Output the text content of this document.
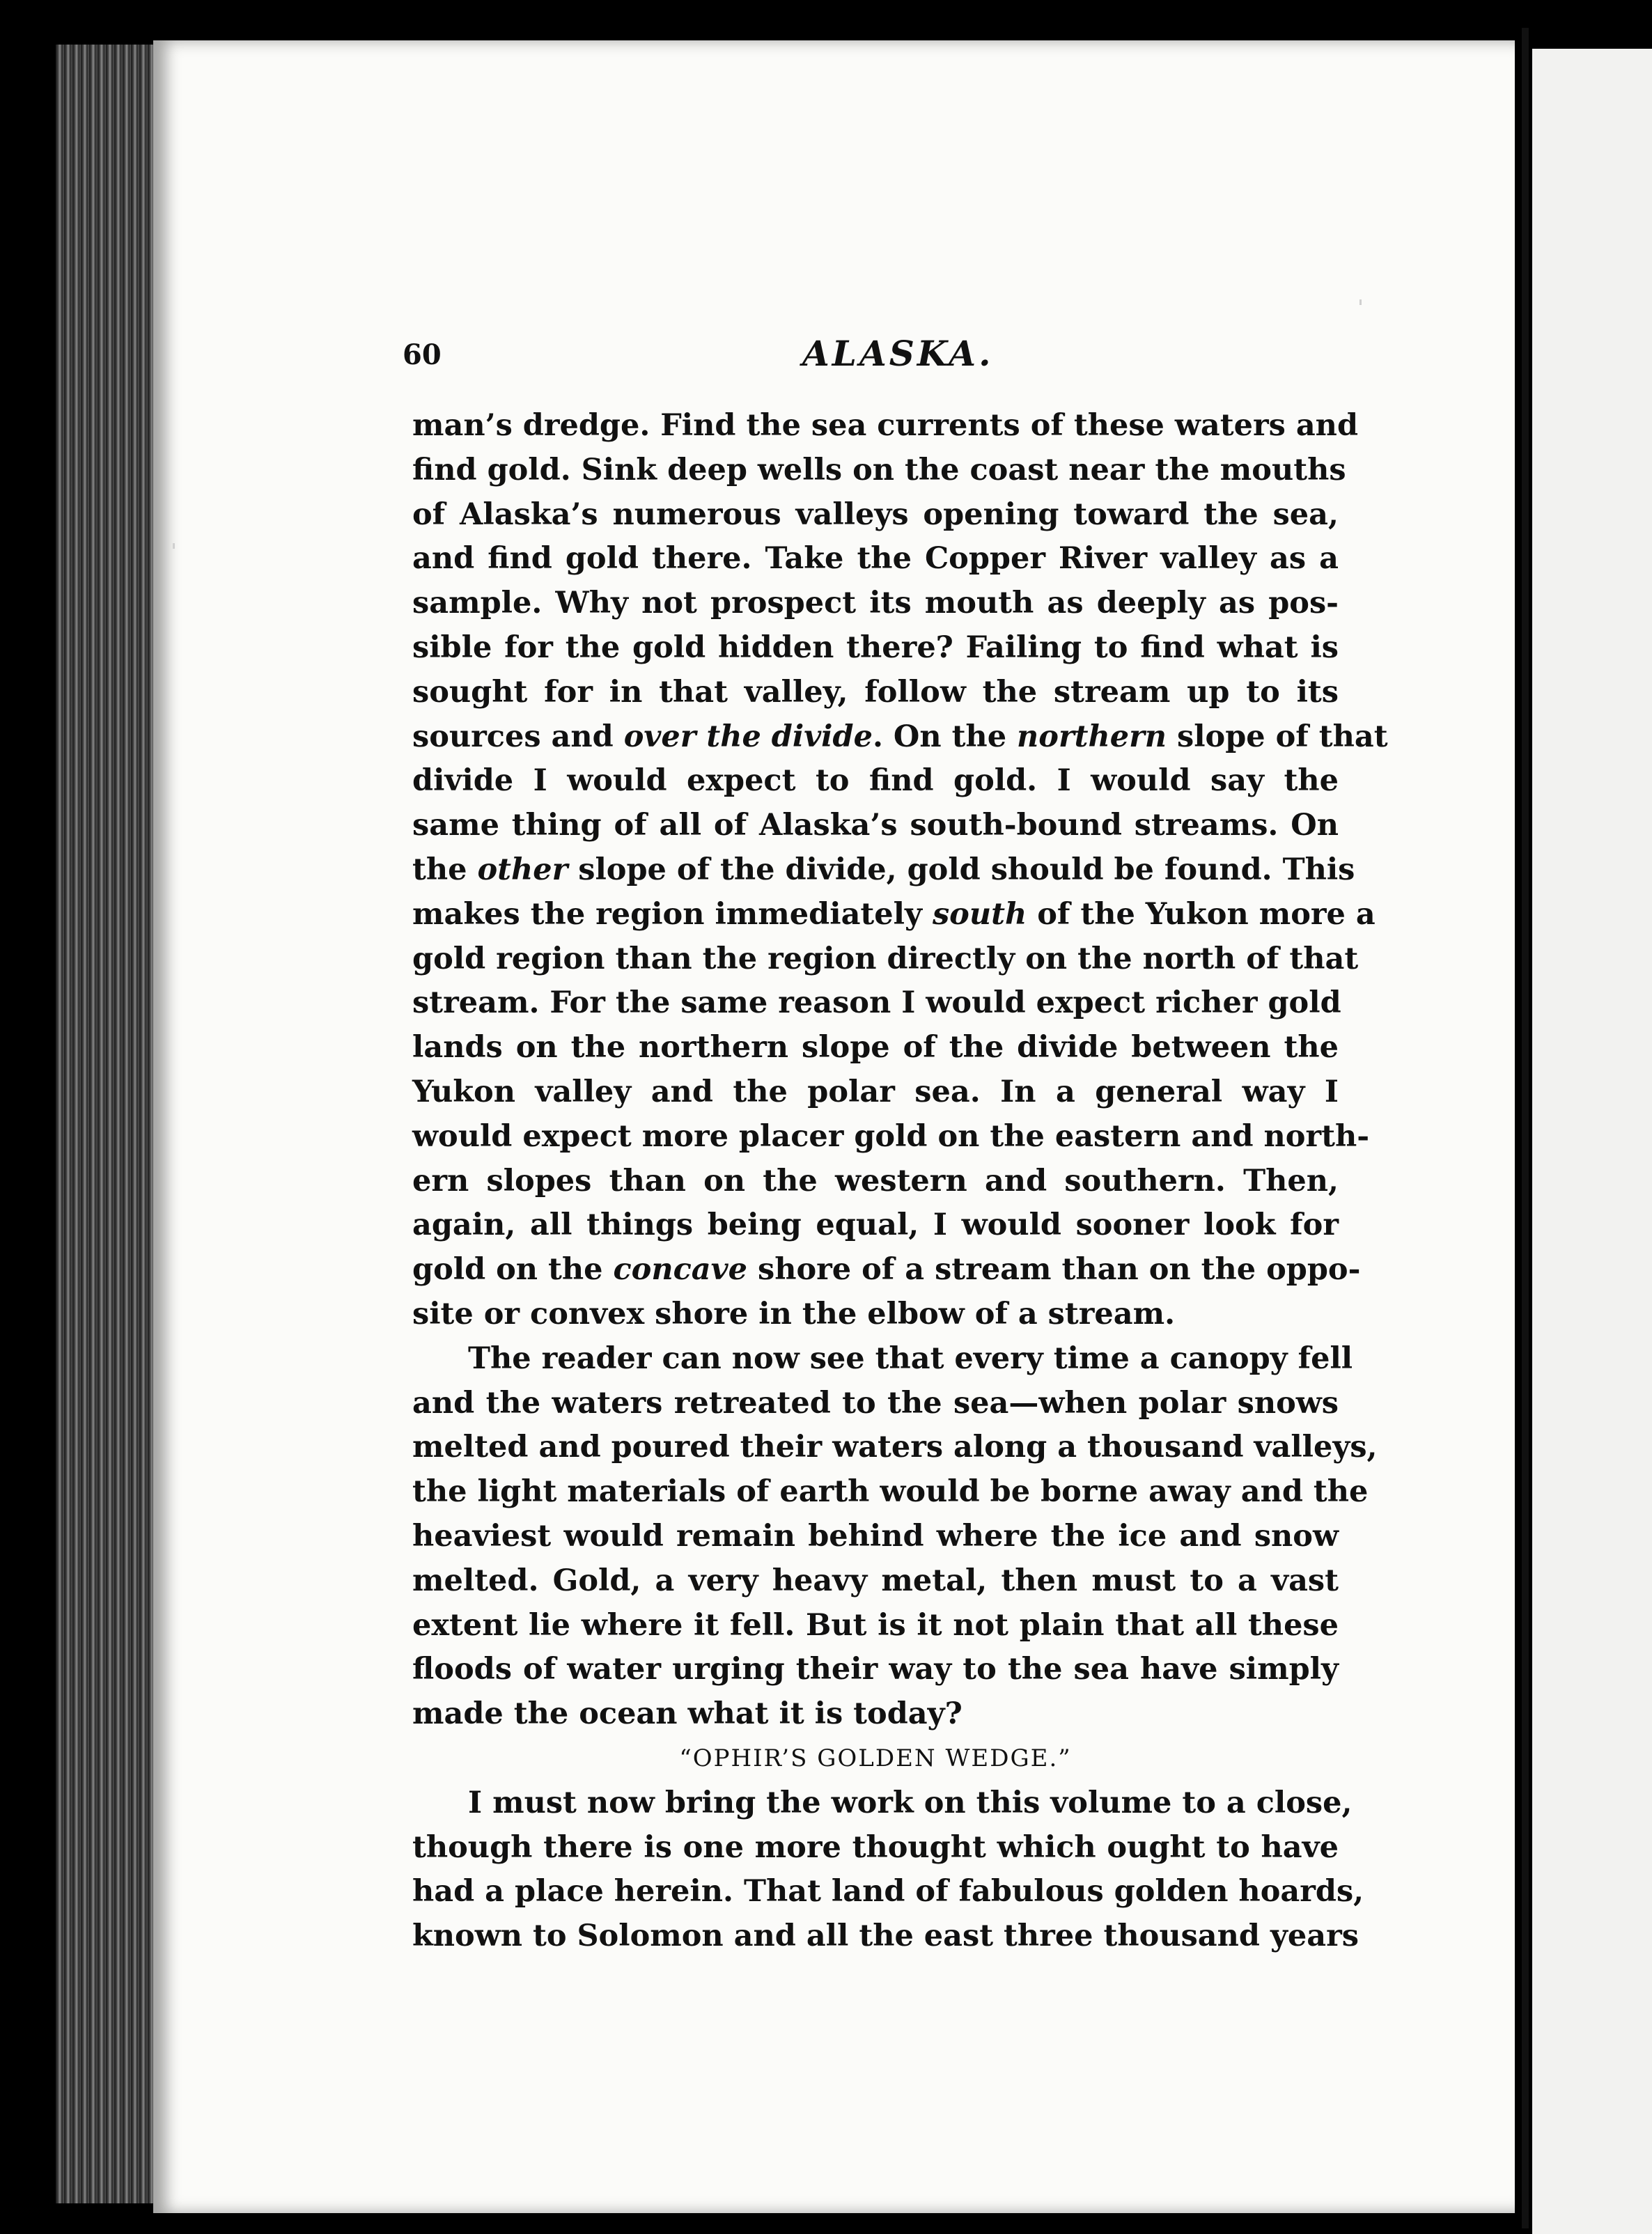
60	ALASKA.
man’s dredge. Find the sea currents of these waters and
find gold. Sink deep wells on the coast near the mouths
of Alaska’s numerous valleys opening toward the sea,
and find gold there. Take the Copper River valley as a
sample. Why not prospect its mouth as deeply as pos-
sible for the gold hidden there? Failing to find what is
sought for in that valley, follow the stream up to its
sources and over the divide. On the northern slope of that
divide I would expect to find gold. I would say the
same thing of all of Alaska’s south-bound streams. On
the other slope of the divide, gold should be found. This
makes the region immediately south of the Yukon more a
gold region than the region directly on the north of that
stream. For the same reason I would expect richer gold
lands on the northern slope of the divide between the
Yukon valley and the polar sea. In a general way I
would expect more placer gold on the eastern and north-
ern slopes than on the western and southern. Then,
again, all things being equal, I would sooner look for
gold on the concave shore of a stream than on the oppo-
site or convex shore in the elbow of a stream.
The reader can now see that every time a canopy fell
and the waters retreated to the sea—when polar snows
melted and poured their waters along a thousand valleys,
the light materials of earth would be borne away and the
heaviest would remain behind where the ice and snow
melted. Gold, a very heavy metal, then must to a vast
extent lie where it fell. But is it not plain that all these
floods of water urging their way to the sea have simply
made the ocean what it is today?
“OPHIR’S GOLDEN WEDGE.”
I must now bring the work on this volume to a close,
though there is one more thought which ought to have
had a place herein. That land of fabulous golden hoards,
known to Solomon and all the east three thousand years
